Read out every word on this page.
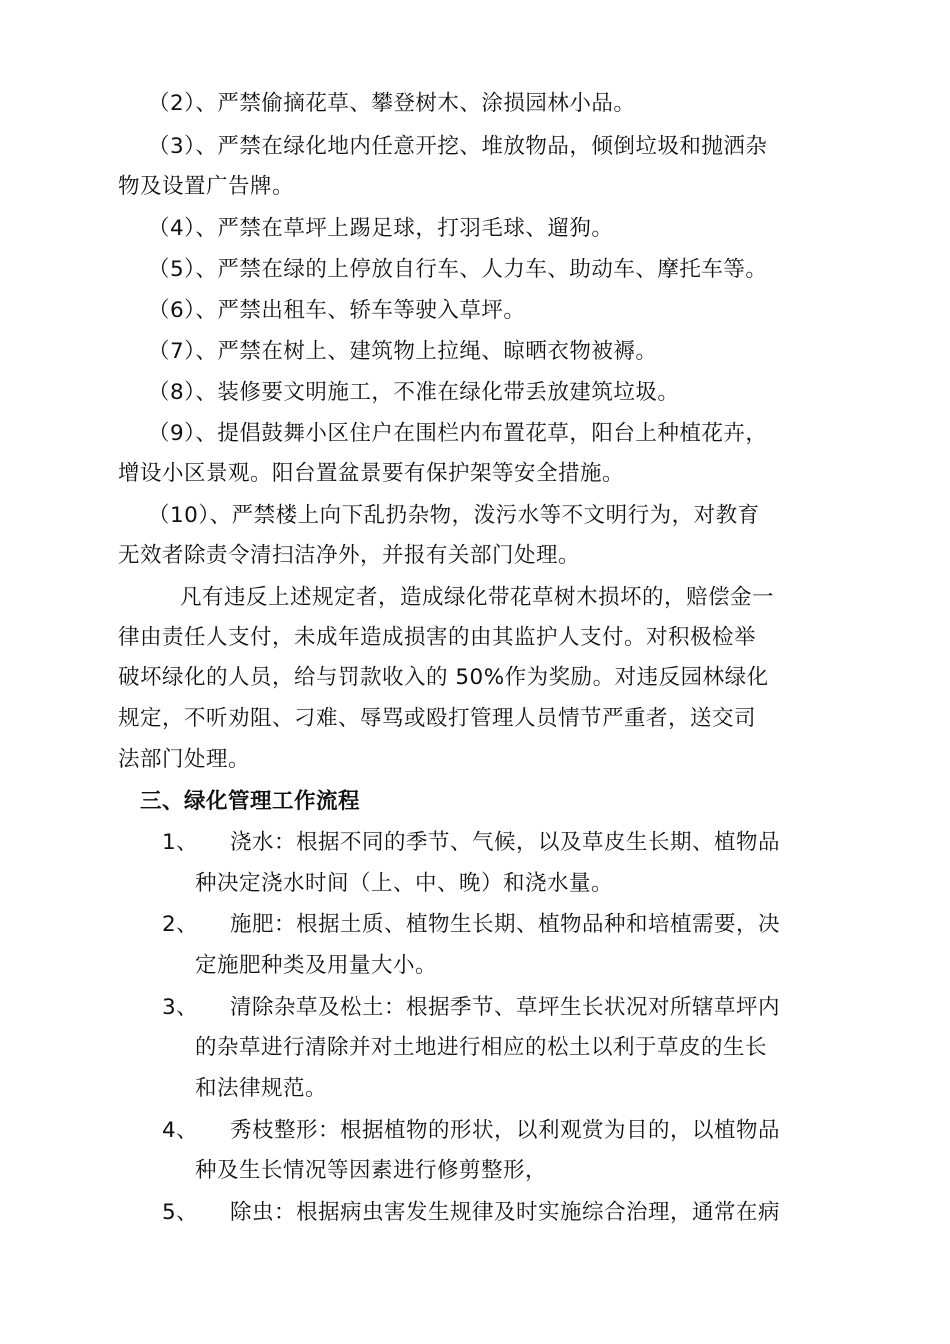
（2）、严禁偷摘花草、攀登树木、涂损园林小品。
（3）、严禁在绿化地内任意开挖、堆放物品，倾倒垃圾和抛洒杂
物及设置广告牌。
（4）、严禁在草坪上踢足球，打羽毛球、遛狗。
（5）、严禁在绿的上停放自行车、人力车、助动车、摩托车等。
（6）、严禁出租车、轿车等驶入草坪。
（7）、严禁在树上、建筑物上拉绳、晾晒衣物被褥。
（8）、装修要文明施工，不准在绿化带丢放建筑垃圾。
（9）、提倡鼓舞小区住户在围栏内布置花草，阳台上种植花卉，
增设小区景观。阳台置盆景要有保护架等安全措施。
（10）、严禁楼上向下乱扔杂物，泼污水等不文明行为，对教育
无效者除责令清扫洁净外，并报有关部门处理。
凡有违反上述规定者，造成绿化带花草树木损坏的，赔偿金一
律由责任人支付，未成年造成损害的由其监护人支付。对积极检举
破坏绿化的人员，给与罚款收入的 50%作为奖励。对违反园林绿化
规定，不听劝阻、刁难、辱骂或殴打管理人员情节严重者，送交司
法部门处理。
三、绿化管理工作流程
1、 浇水：根据不同的季节、气候，以及草皮生长期、植物品
种决定浇水时间（上、中、晚）和浇水量。
2、 施肥：根据土质、植物生长期、植物品种和培植需要，决
定施肥种类及用量大小。
3、 清除杂草及松土：根据季节、草坪生长状况对所辖草坪内
的杂草进行清除并对土地进行相应的松土以利于草皮的生长
和法律规范。
4、 秀枝整形：根据植物的形状，以利观赏为目的，以植物品
种及生长情况等因素进行修剪整形，
5、 除虫：根据病虫害发生规律及时实施综合治理，通常在病
